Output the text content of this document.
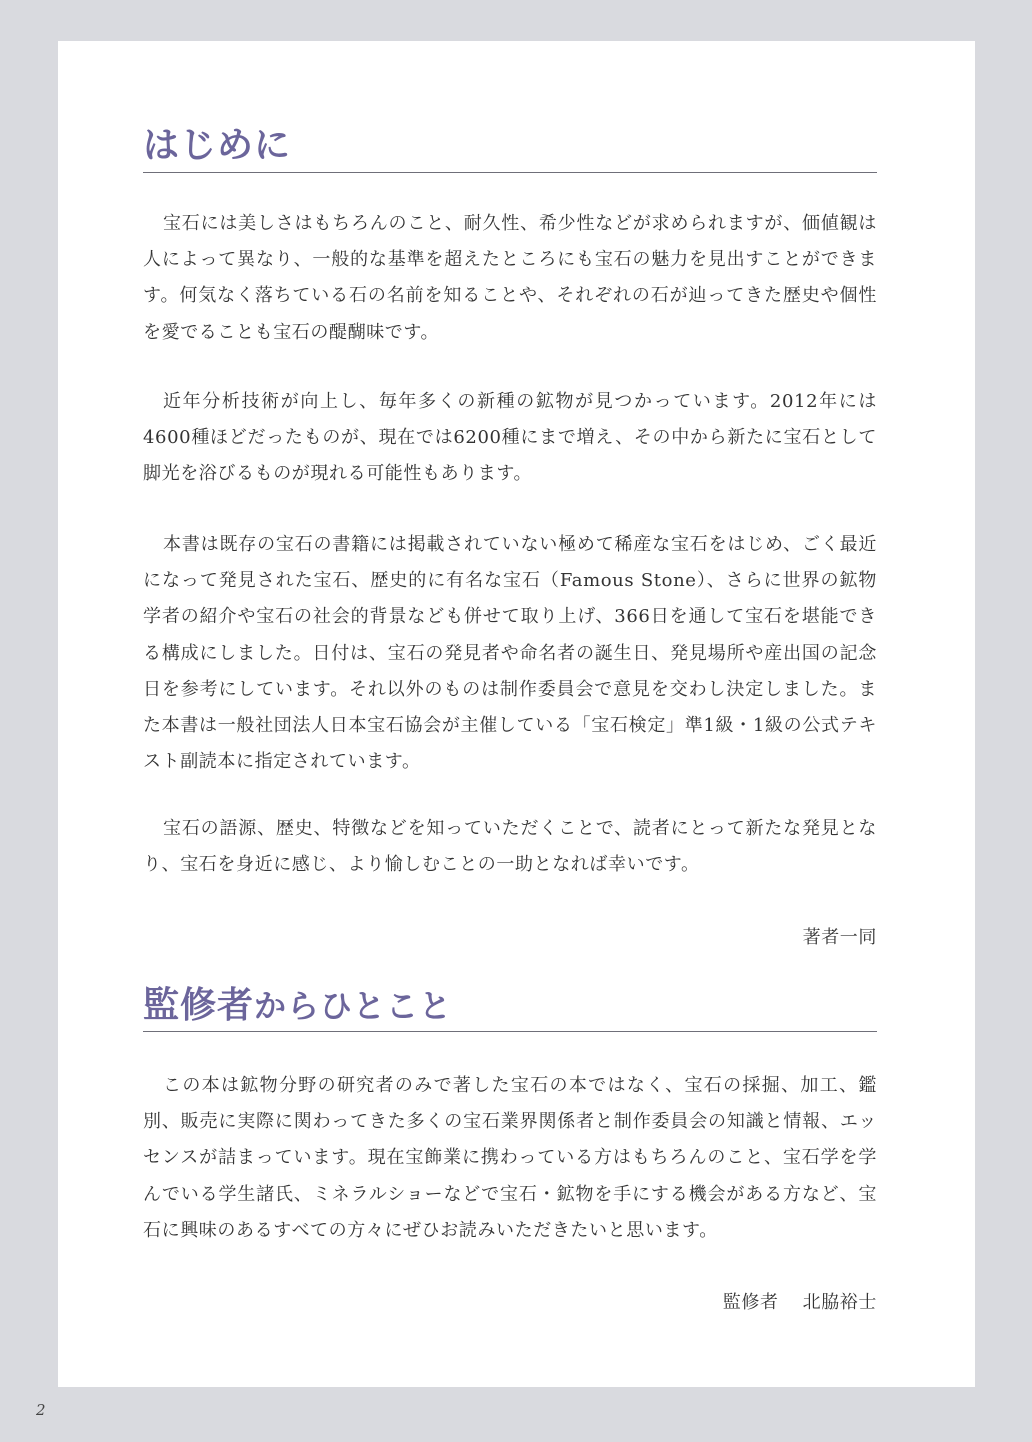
はじめに

宝石には美しさはもちろんのこと、耐久性、希少性などが求められますが、価値観は人によって異なり、一般的な基準を超えたところにも宝石の魅力を見出すことができます。何気なく落ちている石の名前を知ることや、それぞれの石が辿ってきた歴史や個性を愛でることも宝石の醍醐味です。

近年分析技術が向上し、毎年多くの新種の鉱物が見つかっています。2012年には4600種ほどだったものが、現在では6200種にまで増え、その中から新たに宝石として脚光を浴びるものが現れる可能性もあります。

本書は既存の宝石の書籍には掲載されていない極めて稀産な宝石をはじめ、ごく最近になって発見された宝石、歴史的に有名な宝石（Famous Stone）、さらに世界の鉱物学者の紹介や宝石の社会的背景なども併せて取り上げ、366日を通して宝石を堪能できる構成にしました。日付は、宝石の発見者や命名者の誕生日、発見場所や産出国の記念日を参考にしています。それ以外のものは制作委員会で意見を交わし決定しました。また本書は一般社団法人日本宝石協会が主催している「宝石検定」準1級・1級の公式テキスト副読本に指定されています。

宝石の語源、歴史、特徴などを知っていただくことで、読者にとって新たな発見となり、宝石を身近に感じ、より愉しむことの一助となれば幸いです。

著者一同

監修者からひとこと

この本は鉱物分野の研究者のみで著した宝石の本ではなく、宝石の採掘、加工、鑑別、販売に実際に関わってきた多くの宝石業界関係者と制作委員会の知識と情報、エッセンスが詰まっています。現在宝飾業に携わっている方はもちろんのこと、宝石学を学んでいる学生諸氏、ミネラルショーなどで宝石・鉱物を手にする機会がある方など、宝石に興味のあるすべての方々にぜひお読みいただきたいと思います。

監修者 北脇裕士

2
